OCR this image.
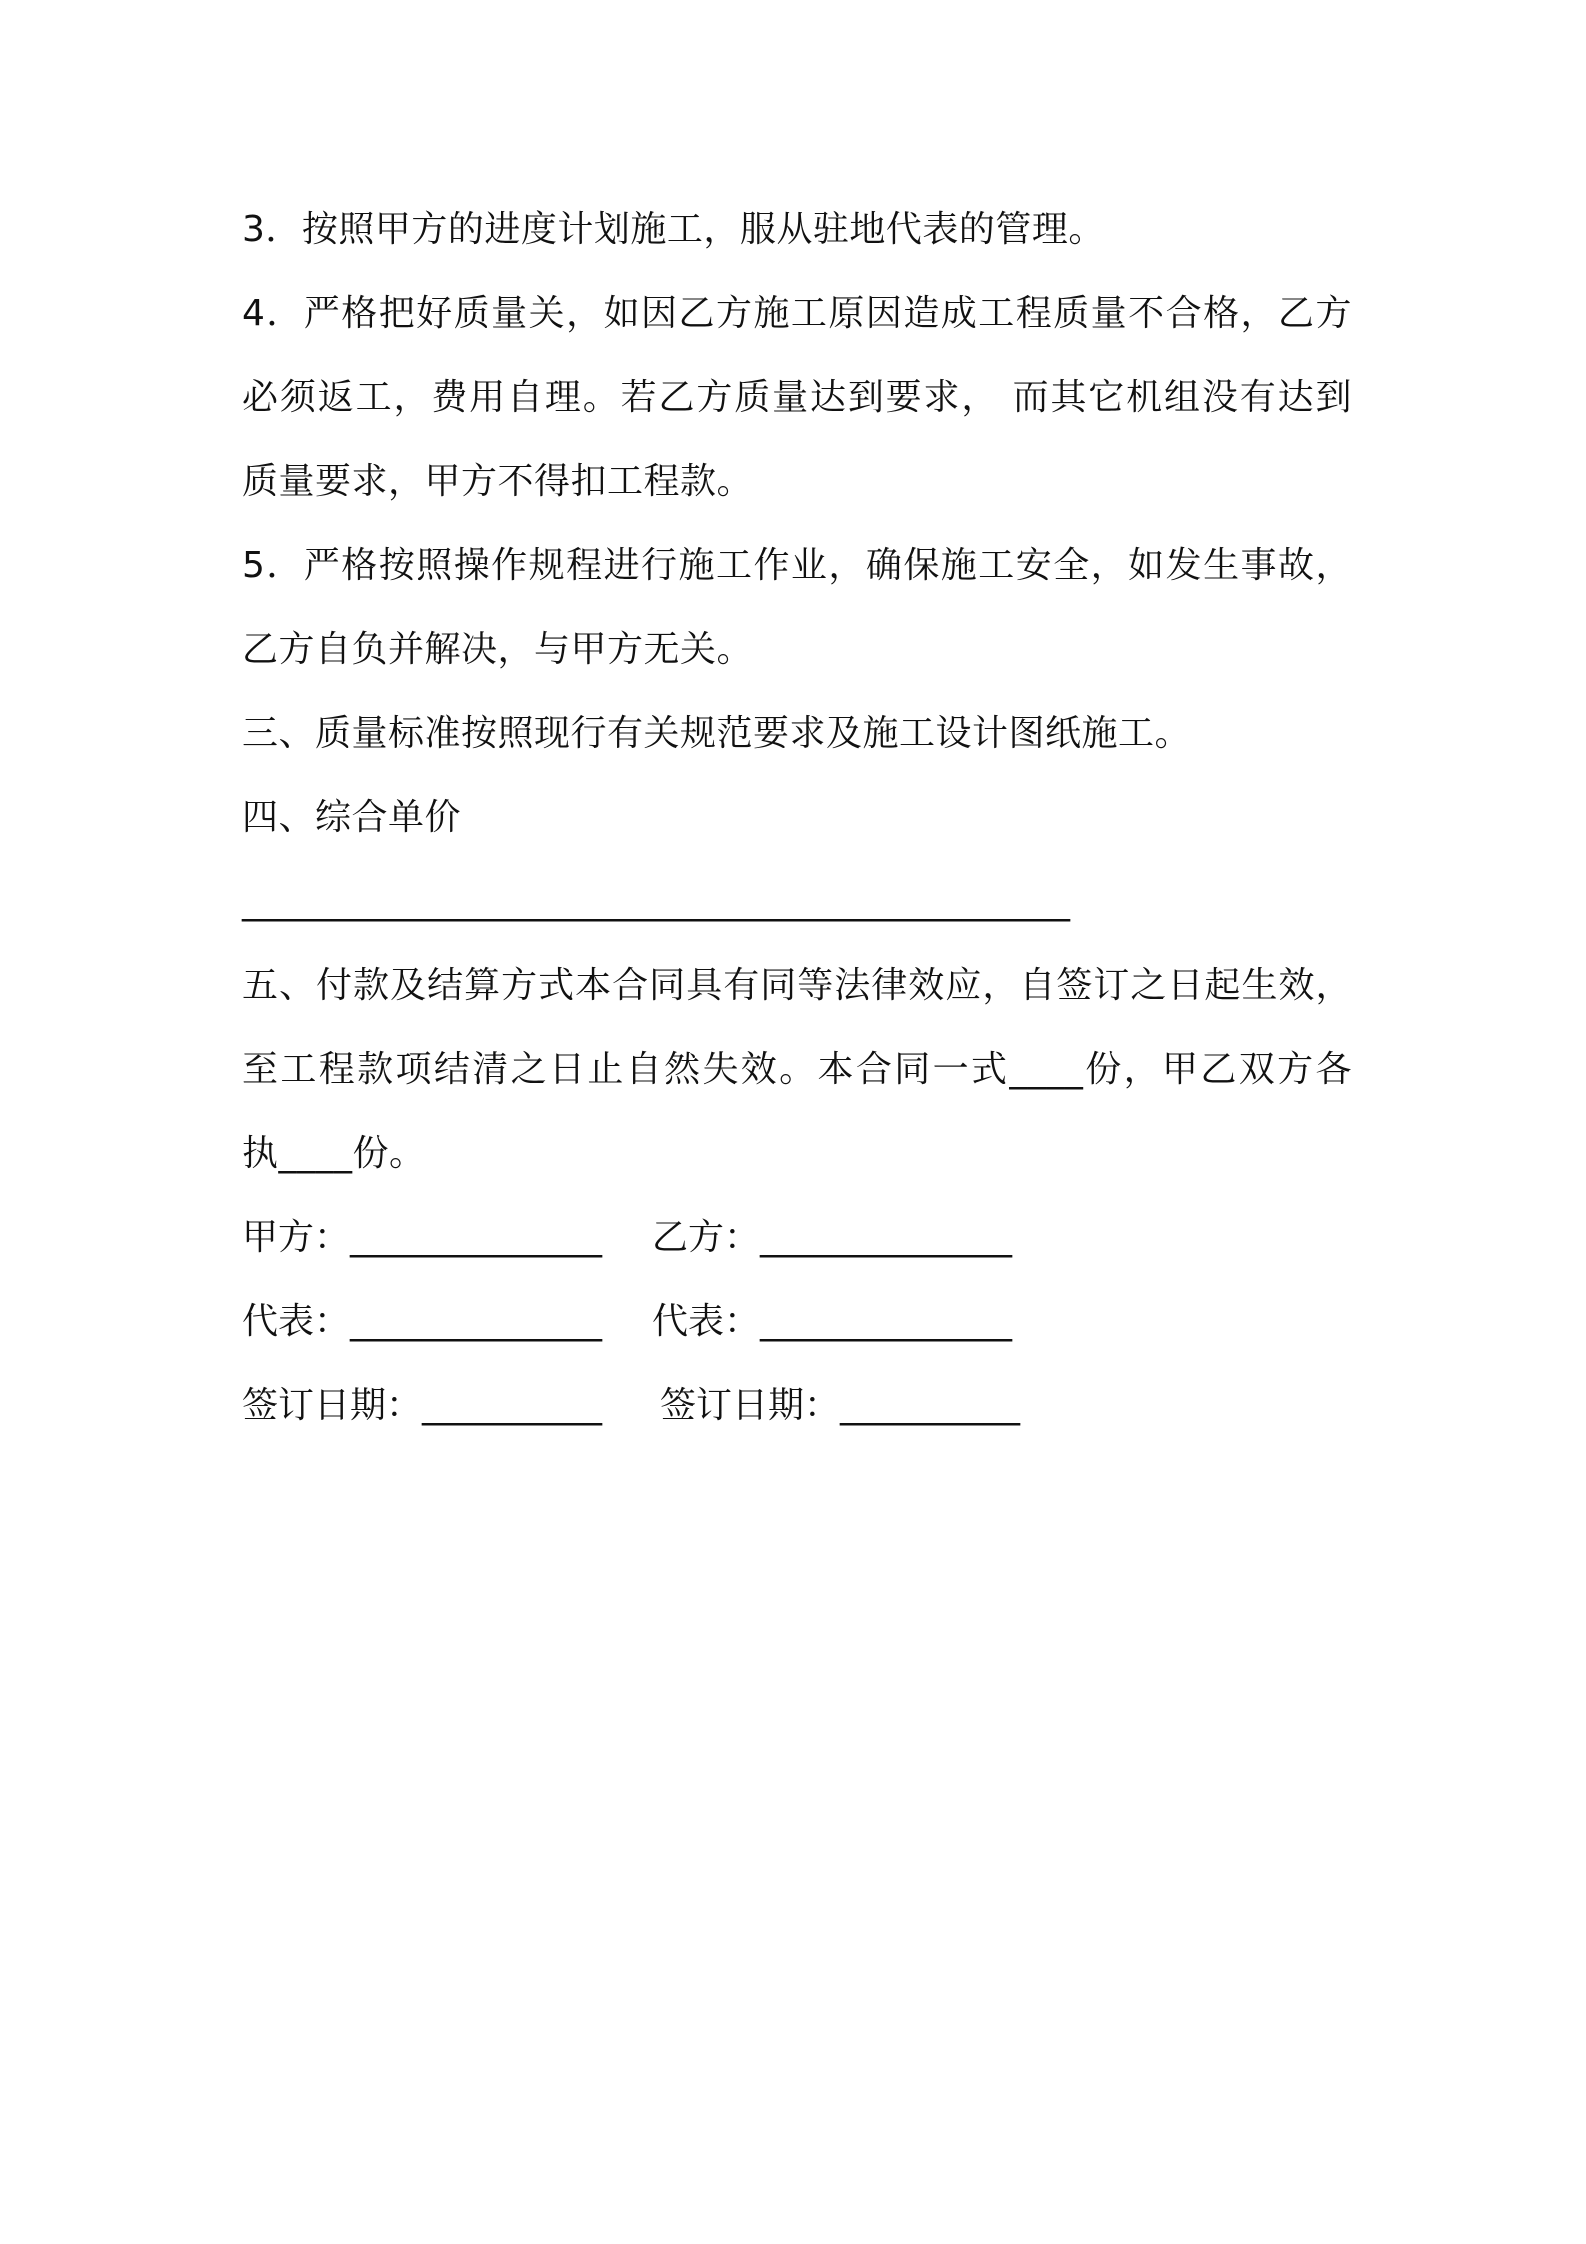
3．按照甲方的进度计划施工，服从驻地代表的管理。
4．严格把好质量关，如因乙方施工原因造成工程质量不合格，乙方
必须返工，费用自理。若乙方质量达到要求， 而其它机组没有达到
质量要求，甲方不得扣工程款。
5．严格按照操作规程进行施工作业，确保施工安全，如发生事故，
乙方自负并解决，与甲方无关。
三、质量标准按照现行有关规范要求及施工设计图纸施工。
四、综合单价
______________________________________________
五、付款及结算方式本合同具有同等法律效应，自签订之日起生效，
至工程款项结清之日止自然失效。本合同一式____份，甲乙双方各
执____份。
甲方：______________ 乙方：______________
代表：______________ 代表：______________
签订日期：__________ 签订日期：__________
